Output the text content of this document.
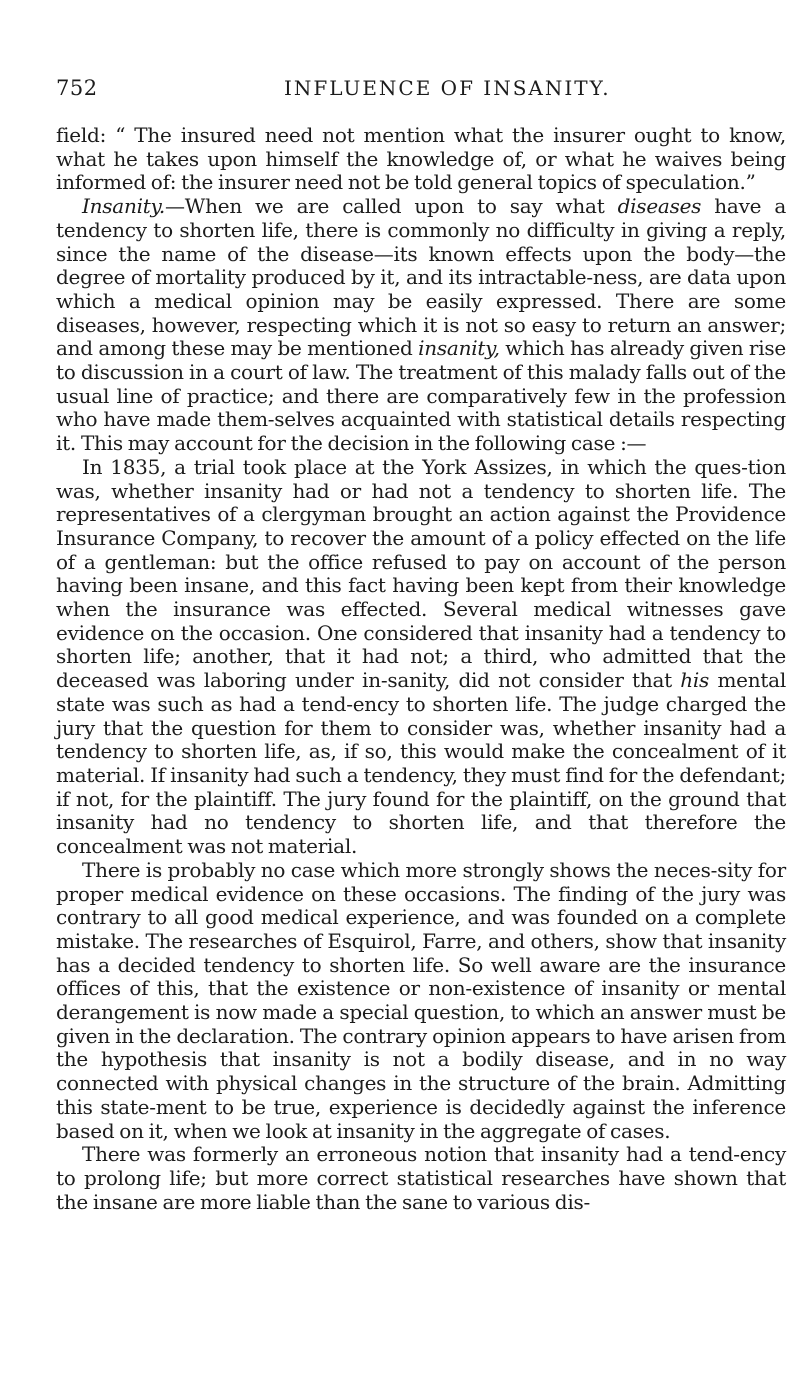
752	INFLUENCE OF INSANITY.

field: “ The insured need not mention what the insurer ought to know, what he takes upon himself the knowledge of, or what he waives being informed of: the insurer need not be told general topics of speculation.”

Insanity.—When we are called upon to say what diseases have a tendency to shorten life, there is commonly no difficulty in giving a reply, since the name of the disease—its known effects upon the body—the degree of mortality produced by it, and its intractable-ness, are data upon which a medical opinion may be easily expressed. There are some diseases, however, respecting which it is not so easy to return an answer; and among these may be mentioned insanity, which has already given rise to discussion in a court of law. The treatment of this malady falls out of the usual line of practice; and there are comparatively few in the profession who have made them-selves acquainted with statistical details respecting it. This may account for the decision in the following case :—

In 1835, a trial took place at the York Assizes, in which the ques-tion was, whether insanity had or had not a tendency to shorten life. The representatives of a clergyman brought an action against the Providence Insurance Company, to recover the amount of a policy effected on the life of a gentleman: but the office refused to pay on account of the person having been insane, and this fact having been kept from their knowledge when the insurance was effected. Several medical witnesses gave evidence on the occasion. One considered that insanity had a tendency to shorten life; another, that it had not; a third, who admitted that the deceased was laboring under in-sanity, did not consider that his mental state was such as had a tend-ency to shorten life. The judge charged the jury that the question for them to consider was, whether insanity had a tendency to shorten life, as, if so, this would make the concealment of it material. If insanity had such a tendency, they must find for the defendant; if not, for the plaintiff. The jury found for the plaintiff, on the ground that insanity had no tendency to shorten life, and that therefore the concealment was not material.

There is probably no case which more strongly shows the neces-sity for proper medical evidence on these occasions. The finding of the jury was contrary to all good medical experience, and was founded on a complete mistake. The researches of Esquirol, Farre, and others, show that insanity has a decided tendency to shorten life. So well aware are the insurance offices of this, that the existence or non-existence of insanity or mental derangement is now made a special question, to which an answer must be given in the declaration. The contrary opinion appears to have arisen from the hypothesis that insanity is not a bodily disease, and in no way connected with physical changes in the structure of the brain. Admitting this state-ment to be true, experience is decidedly against the inference based on it, when we look at insanity in the aggregate of cases.

There was formerly an erroneous notion that insanity had a tend-ency to prolong life; but more correct statistical researches have shown that the insane are more liable than the sane to various dis-
